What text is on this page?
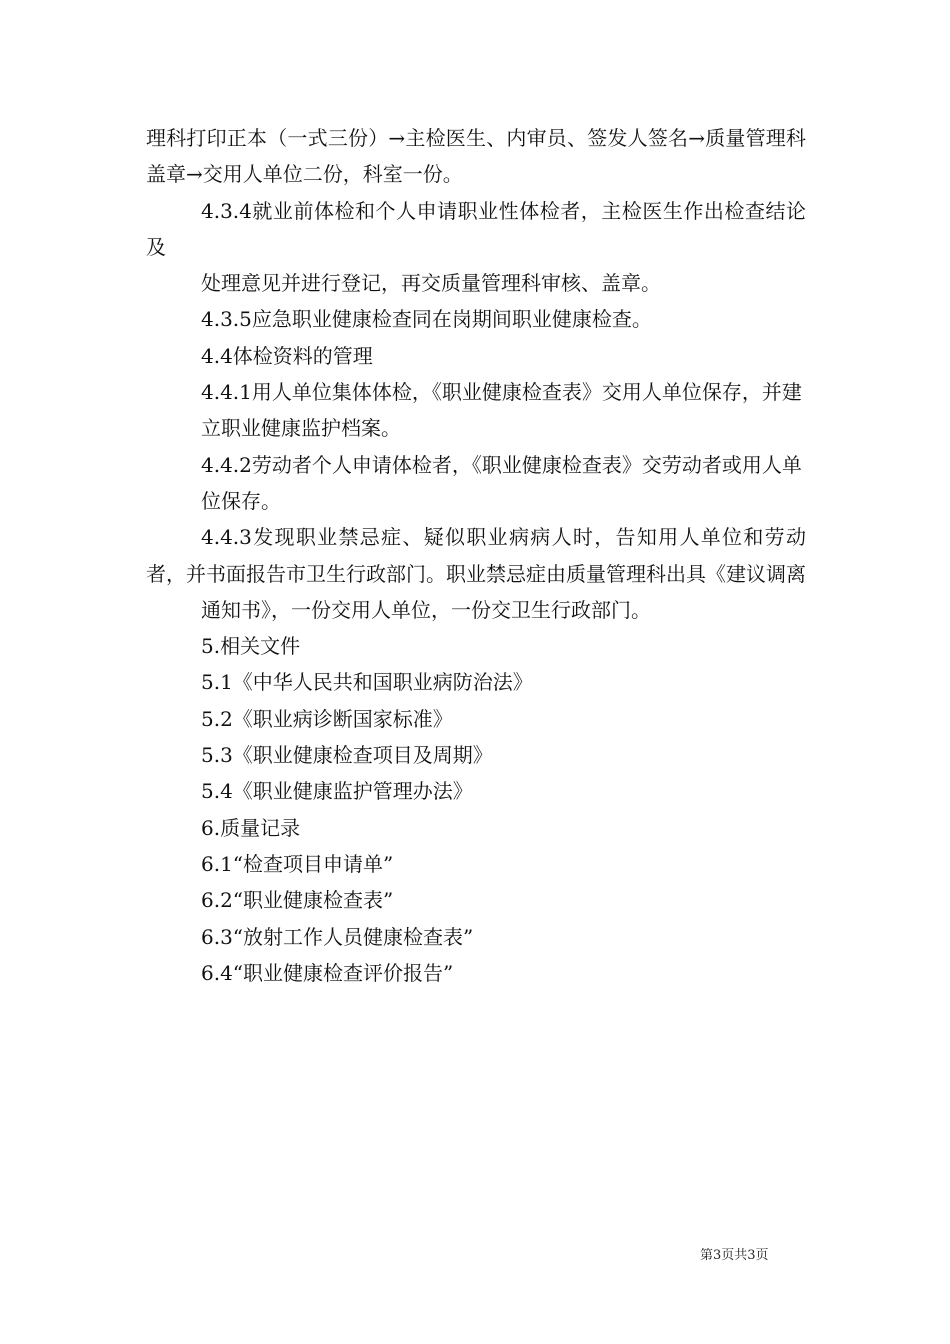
理科打印正本（一式三份）→主检医生、内审员、签发人签名→质量管理科盖章→交用人单位二份，科室一份。

4.3.4就业前体检和个人申请职业性体检者，主检医生作出检查结论及

处理意见并进行登记，再交质量管理科审核、盖章。

4.3.5应急职业健康检查同在岗期间职业健康检查。

4.4体检资料的管理

4.4.1用人单位集体体检，《职业健康检查表》交用人单位保存，并建

立职业健康监护档案。

4.4.2劳动者个人申请体检者，《职业健康检查表》交劳动者或用人单

位保存。

4.4.3发现职业禁忌症、疑似职业病病人时，告知用人单位和劳动者，并书面报告市卫生行政部门。职业禁忌症由质量管理科出具《建议调离

通知书》，一份交用人单位，一份交卫生行政部门。

5.相关文件

5.1《中华人民共和国职业病防治法》

5.2《职业病诊断国家标准》

5.3《职业健康检查项目及周期》

5.4《职业健康监护管理办法》

6.质量记录

6.1“检查项目申请单”

6.2“职业健康检查表”

6.3“放射工作人员健康检查表”

6.4“职业健康检查评价报告”

第3页共3页
